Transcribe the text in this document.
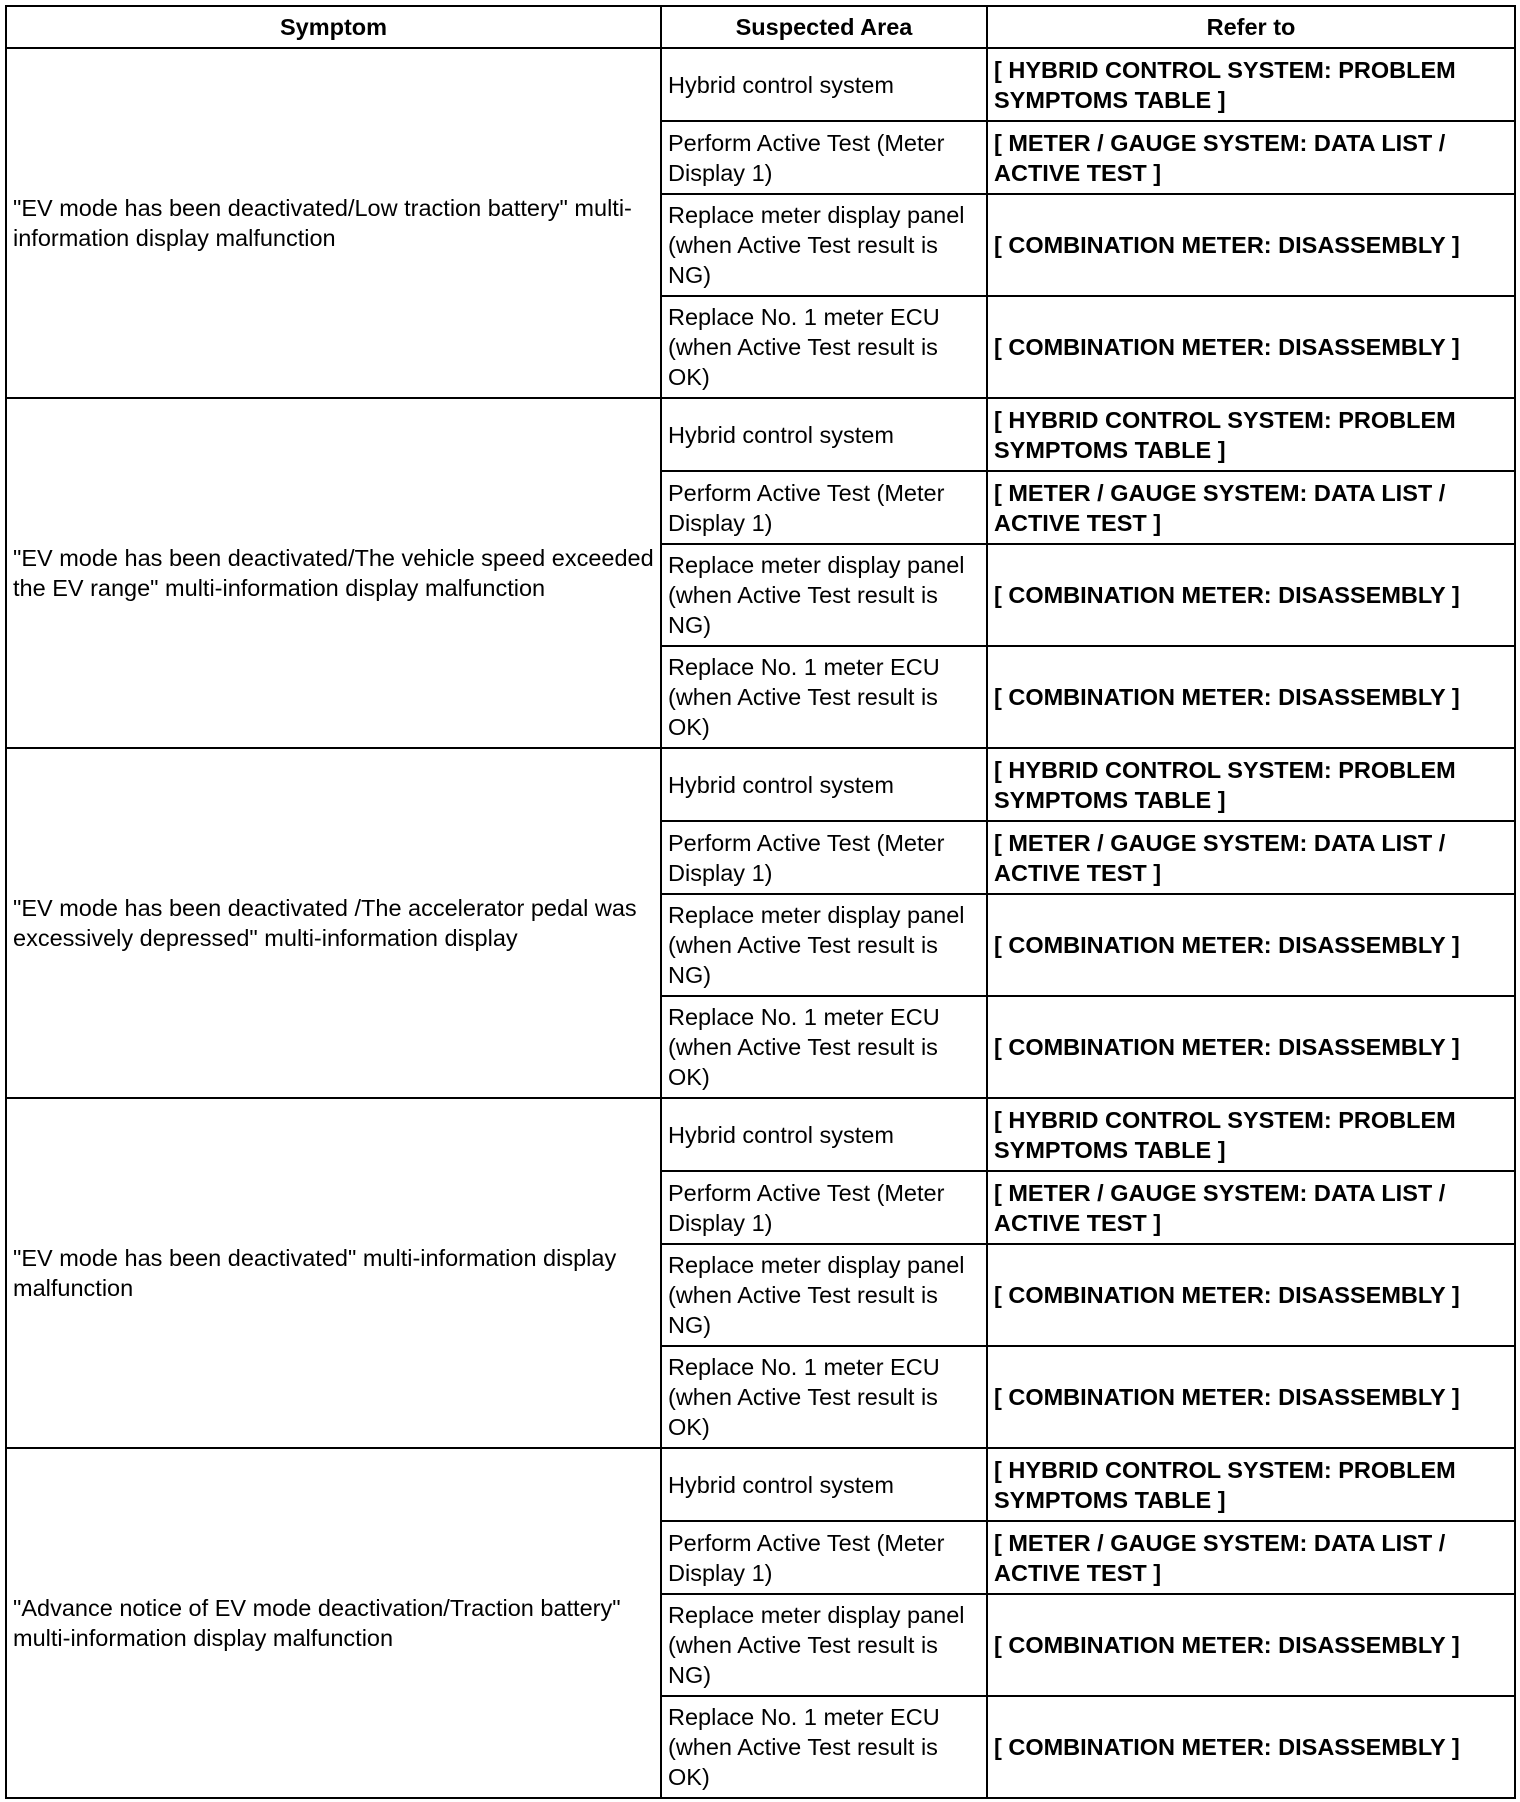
Symptom	Suspected Area	Refer to
"EV mode has been deactivated/Low traction battery" multi-information display malfunction	Hybrid control system	[ HYBRID CONTROL SYSTEM: PROBLEM SYMPTOMS TABLE ]
	Perform Active Test (Meter Display 1)	[ METER / GAUGE SYSTEM: DATA LIST / ACTIVE TEST ]
	Replace meter display panel (when Active Test result is NG)	[ COMBINATION METER: DISASSEMBLY ]
	Replace No. 1 meter ECU (when Active Test result is OK)	[ COMBINATION METER: DISASSEMBLY ]
"EV mode has been deactivated/The vehicle speed exceeded the EV range" multi-information display malfunction	Hybrid control system	[ HYBRID CONTROL SYSTEM: PROBLEM SYMPTOMS TABLE ]
	Perform Active Test (Meter Display 1)	[ METER / GAUGE SYSTEM: DATA LIST / ACTIVE TEST ]
	Replace meter display panel (when Active Test result is NG)	[ COMBINATION METER: DISASSEMBLY ]
	Replace No. 1 meter ECU (when Active Test result is OK)	[ COMBINATION METER: DISASSEMBLY ]
"EV mode has been deactivated /The accelerator pedal was excessively depressed" multi-information display	Hybrid control system	[ HYBRID CONTROL SYSTEM: PROBLEM SYMPTOMS TABLE ]
	Perform Active Test (Meter Display 1)	[ METER / GAUGE SYSTEM: DATA LIST / ACTIVE TEST ]
	Replace meter display panel (when Active Test result is NG)	[ COMBINATION METER: DISASSEMBLY ]
	Replace No. 1 meter ECU (when Active Test result is OK)	[ COMBINATION METER: DISASSEMBLY ]
"EV mode has been deactivated" multi-information display malfunction	Hybrid control system	[ HYBRID CONTROL SYSTEM: PROBLEM SYMPTOMS TABLE ]
	Perform Active Test (Meter Display 1)	[ METER / GAUGE SYSTEM: DATA LIST / ACTIVE TEST ]
	Replace meter display panel (when Active Test result is NG)	[ COMBINATION METER: DISASSEMBLY ]
	Replace No. 1 meter ECU (when Active Test result is OK)	[ COMBINATION METER: DISASSEMBLY ]
"Advance notice of EV mode deactivation/Traction battery" multi-information display malfunction	Hybrid control system	[ HYBRID CONTROL SYSTEM: PROBLEM SYMPTOMS TABLE ]
	Perform Active Test (Meter Display 1)	[ METER / GAUGE SYSTEM: DATA LIST / ACTIVE TEST ]
	Replace meter display panel (when Active Test result is NG)	[ COMBINATION METER: DISASSEMBLY ]
	Replace No. 1 meter ECU (when Active Test result is OK)	[ COMBINATION METER: DISASSEMBLY ]
